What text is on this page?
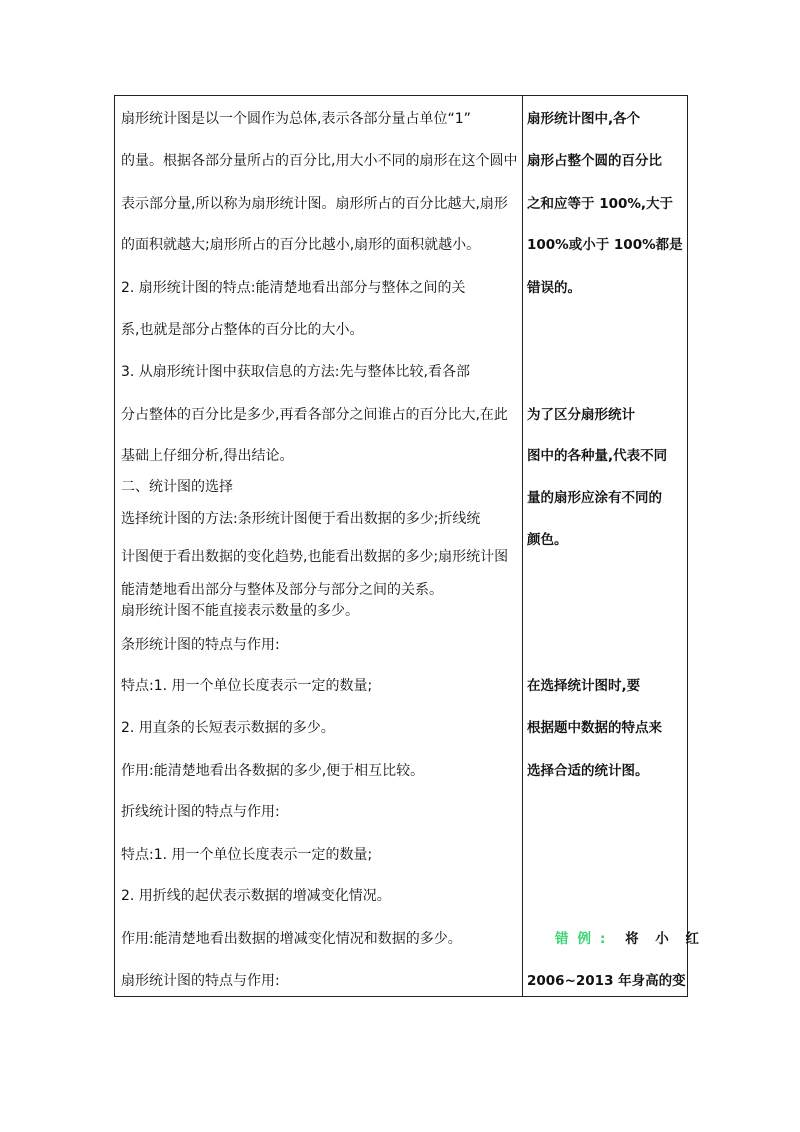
扇形统计图是以一个圆作为总体,表示各部分量占单位“1”
的量。根据各部分量所占的百分比,用大小不同的扇形在这个圆中
表示部分量,所以称为扇形统计图。扇形所占的百分比越大,扇形
的面积就越大;扇形所占的百分比越小,扇形的面积就越小。
2. 扇形统计图的特点:能清楚地看出部分与整体之间的关
系,也就是部分占整体的百分比的大小。
3. 从扇形统计图中获取信息的方法:先与整体比较,看各部
分占整体的百分比是多少,再看各部分之间谁占的百分比大,在此
基础上仔细分析,得出结论。
二、统计图的选择
选择统计图的方法:条形统计图便于看出数据的多少;折线统
计图便于看出数据的变化趋势,也能看出数据的多少;扇形统计图
能清楚地看出部分与整体及部分与部分之间的关系。
扇形统计图不能直接表示数量的多少。
条形统计图的特点与作用:
特点:1. 用一个单位长度表示一定的数量;
2. 用直条的长短表示数据的多少。
作用:能清楚地看出各数据的多少,便于相互比较。
折线统计图的特点与作用:
特点:1. 用一个单位长度表示一定的数量;
2. 用折线的起伏表示数据的增减变化情况。
作用:能清楚地看出数据的增减变化情况和数据的多少。
扇形统计图的特点与作用:
扇形统计图中,各个
扇形占整个圆的百分比
之和应等于 100%,大于
100%或小于 100%都是
错误的。
为了区分扇形统计
图中的各种量,代表不同
量的扇形应涂有不同的
颜色。
在选择统计图时,要
根据题中数据的特点来
选择合适的统计图。
错例: 将 小 红
2006~2013 年身高的变
